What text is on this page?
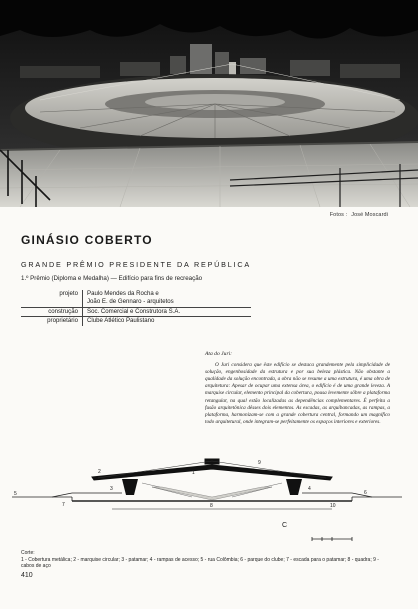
Fotos : José Moscardi
GINÁSIO COBERTO
GRANDE PRÊMIO PRESIDENTE DA REPÚBLICA

1.º Prêmio (Diploma e Medalha) — Edifício para fins de recreação

projeto	Paulo Mendes da Rocha e
João E. de Gennaro - arquitetos
construção	Soc. Comercial e Construtora S.A.
proprietário	Clube Atlético Paulistano

Ata do Juri:

O Juri considera que êste edifício se destaca grandemente pela simplicidade de solução, engenhosidade da estrutura e por sua beleza plástica. Não obstante a qualidade da solução encontrada, a obra não se resume a uma estrutura, é uma obra de arquitetura: Apesar de ocupar uma extensa área, o edifício é de uma grande leveza. A marquise circular, elemento principal da cobertura, pousa levemente sôbre a plataforma retangular, na qual estão localizadas as dependências complementares. É perfeita a fusão arquitetônica dêsses dois elementos. As escadas, as arquibancadas, as rampas, a plataforma, harmonizam-se com a grande cobertura central, formando um magnífico todo arquitetural, onde integram-se perfeitamente os espaços interiores e exteriores.

5
2
9
1
3
7	8
4
6
10
C

Corte:

1 - Cobertura metálica; 2 - marquise circular; 3 - patamar; 4 - rampas de acesso; 5 - rua Colômbia; 6 - parque do clube; 7 - escada para o patamar; 8 - quadra; 9 - cabos de aço

410
